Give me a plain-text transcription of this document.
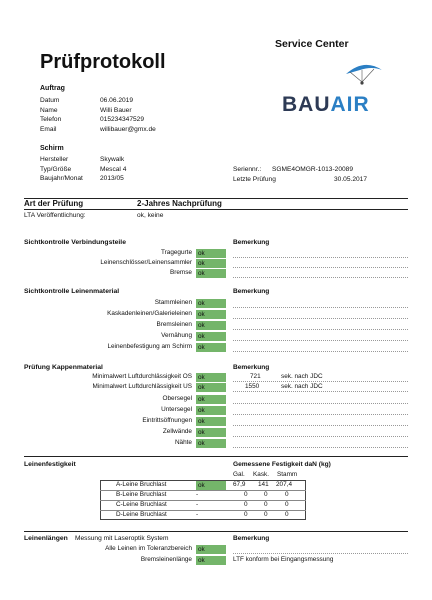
Service Center
Prüfprotokoll
BAUAIR
Auftrag
Datum	06.06.2019
Name	Willi Bauer
Telefon	015234347529
Email	willibauer@gmx.de
Schirm
Hersteller	Skywalk
Typ/Größe	Mescal 4
Baujahr/Monat	2013/05
Seriennr.: SGME4OMGR-1013-20089
Letzte Prüfung	30.05.2017
Art der Prüfung	2-Jahres Nachprüfung
LTA Veröffentlichung:	ok, keine
Sichtkontrolle Verbindungsteile	Bemerkung
Tragegurte ok
Leinenschlösser/Leinensammler ok
Bremse ok
Sichtkontrolle Leinenmaterial	Bemerkung
Stammleinen ok
Kaskadenleinen/Galerieleinen ok
Bremsleinen ok
Vernähung ok
Leinenbefestigung am Schirm ok
Prüfung Kappenmaterial	Bemerkung
Minimalwert Luftdurchlässigkeit OS ok	721	sek. nach JDC
Minimalwert Luftdurchlässigkeit US ok	1550	sek. nach JDC
Obersegel ok
Untersegel ok
Eintrittsöffnungen ok
Zellwände ok
Nähte ok
Leinenfestigkeit	Gemessene Festigkeit daN (kg)
Gal. Kask. Stamm
A-Leine Bruchlast	ok	67,9 141 207,4
B-Leine Bruchlast	-	0	0	0
C-Leine Bruchlast	-	0	0	0
D-Leine Bruchlast	-	0	0	0
Leinenlängen Messung mit Laseroptik System	Bemerkung
Alle Leinen im Toleranzbereich ok
Bremsleinenlänge ok	LTF konform bei Eingangsmessung
